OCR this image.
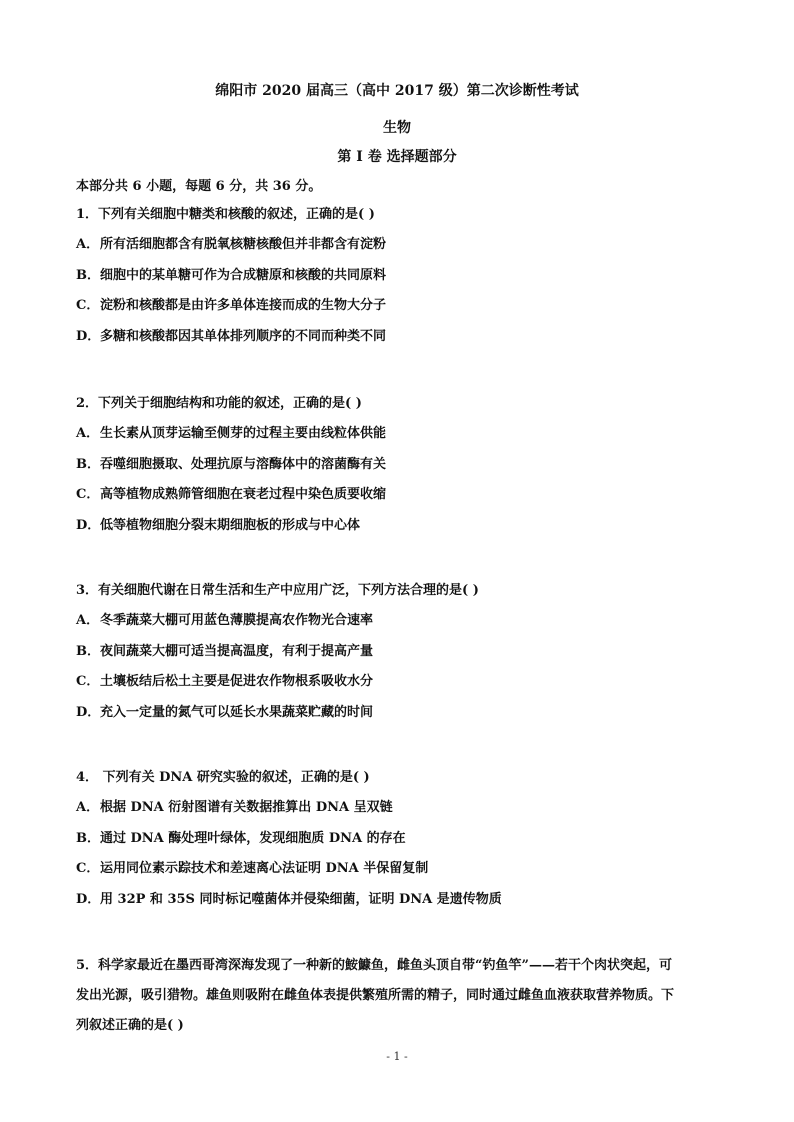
绵阳市 2020 届高三（高中 2017 级）第二次诊断性考试
生物
第 I 卷 选择题部分
本部分共 6 小题，每题 6 分，共 36 分。
1．下列有关细胞中糖类和核酸的叙述，正确的是( )
A．所有活细胞都含有脱氧核糖核酸但并非都含有淀粉
B．细胞中的某单糖可作为合成糖原和核酸的共同原料
C．淀粉和核酸都是由许多单体连接而成的生物大分子
D．多糖和核酸都因其单体排列顺序的不同而种类不同
2．下列关于细胞结构和功能的叙述，正确的是( )
A．生长素从顶芽运输至侧芽的过程主要由线粒体供能
B．吞噬细胞摄取、处理抗原与溶酶体中的溶菌酶有关
C．高等植物成熟筛管细胞在衰老过程中染色质要收缩
D．低等植物细胞分裂末期细胞板的形成与中心体
3．有关细胞代谢在日常生活和生产中应用广泛，下列方法合理的是( )
A．冬季蔬菜大棚可用蓝色薄膜提高农作物光合速率
B．夜间蔬菜大棚可适当提高温度，有利于提高产量
C．土壤板结后松土主要是促进农作物根系吸收水分
D．充入一定量的氮气可以延长水果蔬菜贮藏的时间
4． 下列有关 DNA 研究实验的叙述，正确的是( )
A．根据 DNA 衍射图谱有关数据推算出 DNA 呈双链
B．通过 DNA 酶处理叶绿体，发现细胞质 DNA 的存在
C．运用同位素示踪技术和差速离心法证明 DNA 半保留复制
D．用 32P 和 35S 同时标记噬菌体并侵染细菌，证明 DNA 是遗传物质
5．科学家最近在墨西哥湾深海发现了一种新的鮟鱇鱼，雌鱼头顶自带“钓鱼竿”——若干个肉状突起，可
发出光源，吸引猎物。雄鱼则吸附在雌鱼体表提供繁殖所需的精子，同时通过雌鱼血液获取营养物质。下
列叙述正确的是( )
- 1 -
